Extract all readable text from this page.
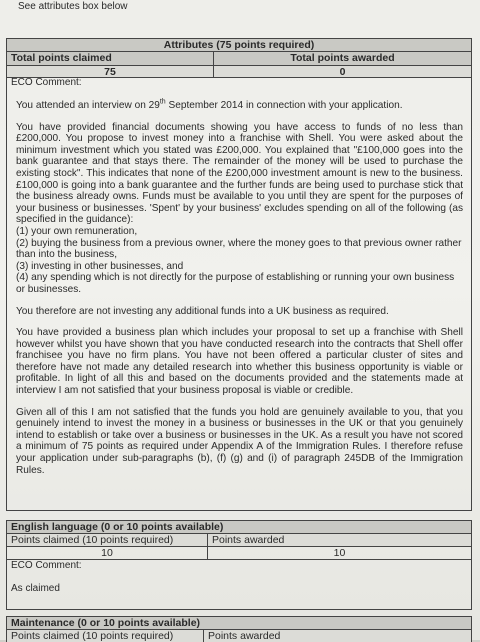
See attributes box below
Attributes (75 points required)
Total points claimed	Total points awarded
75	0
ECO Comment:

You attended an interview on 29th September 2014 in connection with your application.

You have provided financial documents showing you have access to funds of no less than £200,000. You propose to invest money into a franchise with Shell. You were asked about the minimum investment which you stated was £200,000. You explained that "£100,000 goes into the bank guarantee and that stays there. The remainder of the money will be used to purchase the existing stock". This indicates that none of the £200,000 investment amount is new to the business. £100,000 is going into a bank guarantee and the further funds are being used to purchase stick that the business already owns. Funds must be available to you until they are spent for the purposes of your business or businesses. 'Spent' by your business' excludes spending on all of the following (as specified in the guidance):

(1) your own remuneration,
(2) buying the business from a previous owner, where the money goes to that previous owner rather than into the business,
(3) investing in other businesses, and
(4) any spending which is not directly for the purpose of establishing or running your own business or businesses.

You therefore are not investing any additional funds into a UK business as required.

You have provided a business plan which includes your proposal to set up a franchise with Shell however whilst you have shown that you have conducted research into the contracts that Shell offer franchisee you have no firm plans. You have not been offered a particular cluster of sites and therefore have not made any detailed research into whether this business opportunity is viable or profitable. In light of all this and based on the documents provided and the statements made at interview I am not satisfied that your business proposal is viable or credible.

Given all of this I am not satisfied that the funds you hold are genuinely available to you, that you genuinely intend to invest the money in a business or businesses in the UK or that you genuinely intend to establish or take over a business or businesses in the UK. As a result you have not scored a minimum of 75 points as required under Appendix A of the Immigration Rules. I therefore refuse your application under sub-paragraphs (b), (f) (g) and (i) of paragraph 245DB of the Immigration Rules.

English language (0 or 10 points available)
Points claimed (10 points required)	Points awarded
10	10
ECO Comment:
As claimed
Maintenance (0 or 10 points available)
Points claimed (10 points required)	Points awarded
